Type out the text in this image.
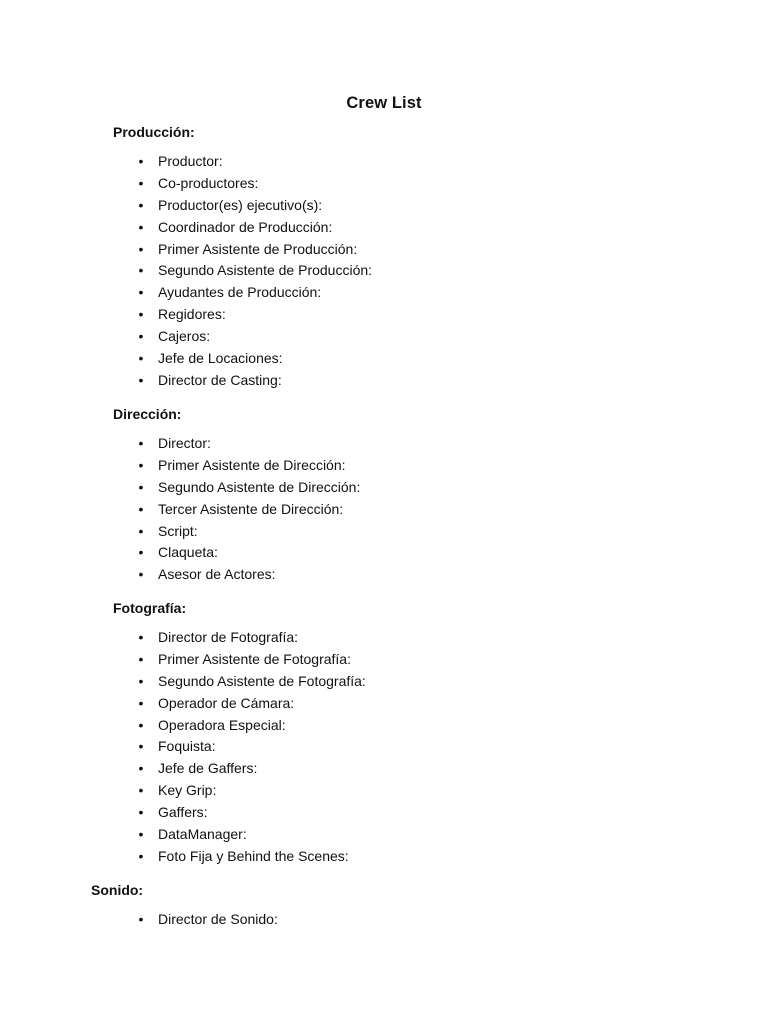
Crew List

Producción:

• Productor:
• Co-productores:
• Productor(es) ejecutivo(s):
• Coordinador de Producción:
• Primer Asistente de Producción:
• Segundo Asistente de Producción:
• Ayudantes de Producción:
• Regidores:
• Cajeros:
• Jefe de Locaciones:
• Director de Casting:

Dirección:

• Director:
• Primer Asistente de Dirección:
• Segundo Asistente de Dirección:
• Tercer Asistente de Dirección:
• Script:
• Claqueta:
• Asesor de Actores:

Fotografía:

• Director de Fotografía:
• Primer Asistente de Fotografía:
• Segundo Asistente de Fotografía:
• Operador de Cámara:
• Operadora Especial:
• Foquista:
• Jefe de Gaffers:
• Key Grip:
• Gaffers:
• DataManager:
• Foto Fija y Behind the Scenes:

Sonido:

• Director de Sonido:
